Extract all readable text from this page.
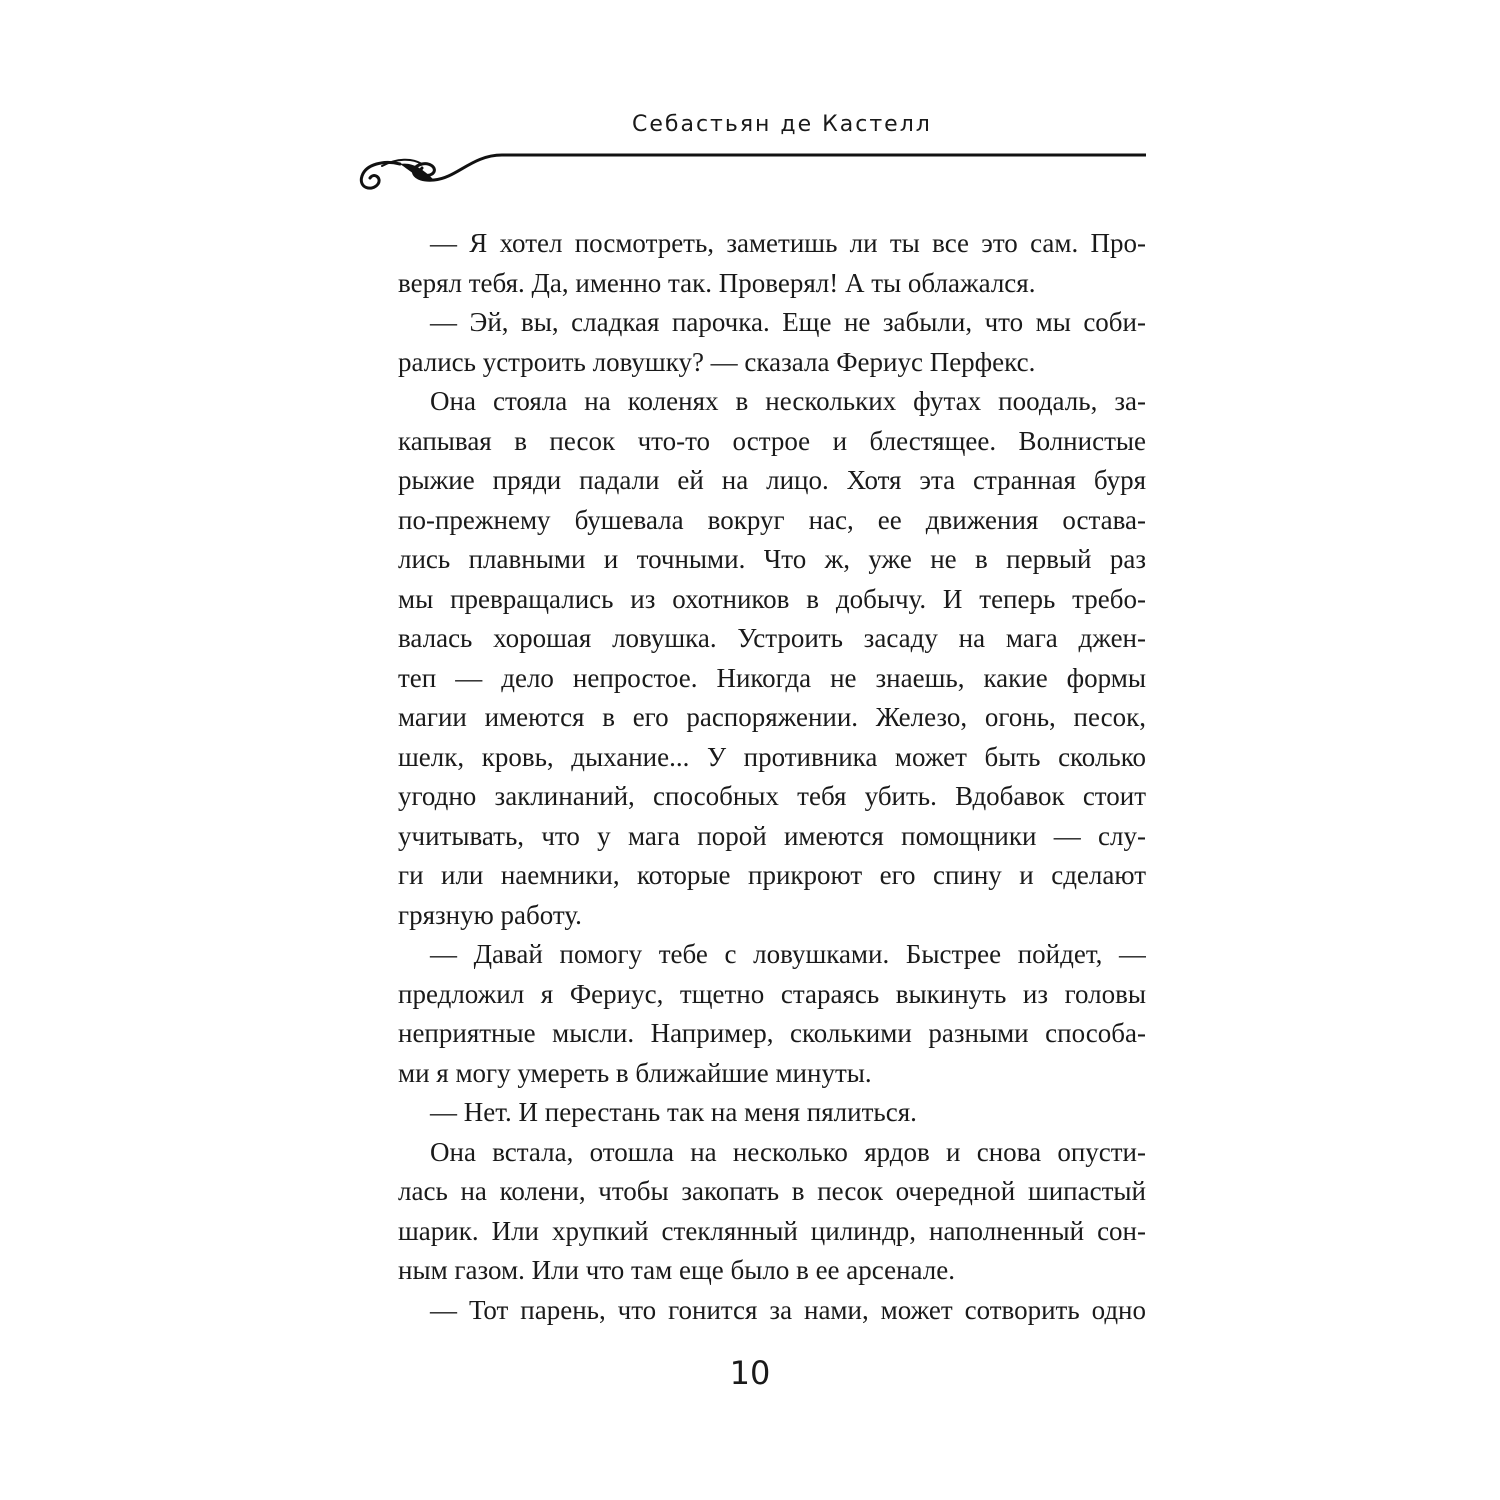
Себастьян де Кастелл
— Я хотел посмотреть, заметишь ли ты все это сам. Про-
верял тебя. Да, именно так. Проверял! А ты облажался.
— Эй, вы, сладкая парочка. Еще не забыли, что мы соби-
рались устроить ловушку? — сказала Фериус Перфекс.
Она стояла на коленях в нескольких футах поодаль, за-
капывая в песок что-то острое и блестящее. Волнистые
рыжие пряди падали ей на лицо. Хотя эта странная буря
по-прежнему бушевала вокруг нас, ее движения остава-
лись плавными и точными. Что ж, уже не в первый раз
мы превращались из охотников в добычу. И теперь требо-
валась хорошая ловушка. Устроить засаду на мага джен-
теп — дело непростое. Никогда не знаешь, какие формы
магии имеются в его распоряжении. Железо, огонь, песок,
шелк, кровь, дыхание... У противника может быть сколько
угодно заклинаний, способных тебя убить. Вдобавок стоит
учитывать, что у мага порой имеются помощники — слу-
ги или наемники, которые прикроют его спину и сделают
грязную работу.
— Давай помогу тебе с ловушками. Быстрее пойдет, —
предложил я Фериус, тщетно стараясь выкинуть из головы
неприятные мысли. Например, сколькими разными способа-
ми я могу умереть в ближайшие минуты.
— Нет. И перестань так на меня пялиться.
Она встала, отошла на несколько ярдов и снова опусти-
лась на колени, чтобы закопать в песок очередной шипастый
шарик. Или хрупкий стеклянный цилиндр, наполненный сон-
ным газом. Или что там еще было в ее арсенале.
— Тот парень, что гонится за нами, может сотворить одно
10
